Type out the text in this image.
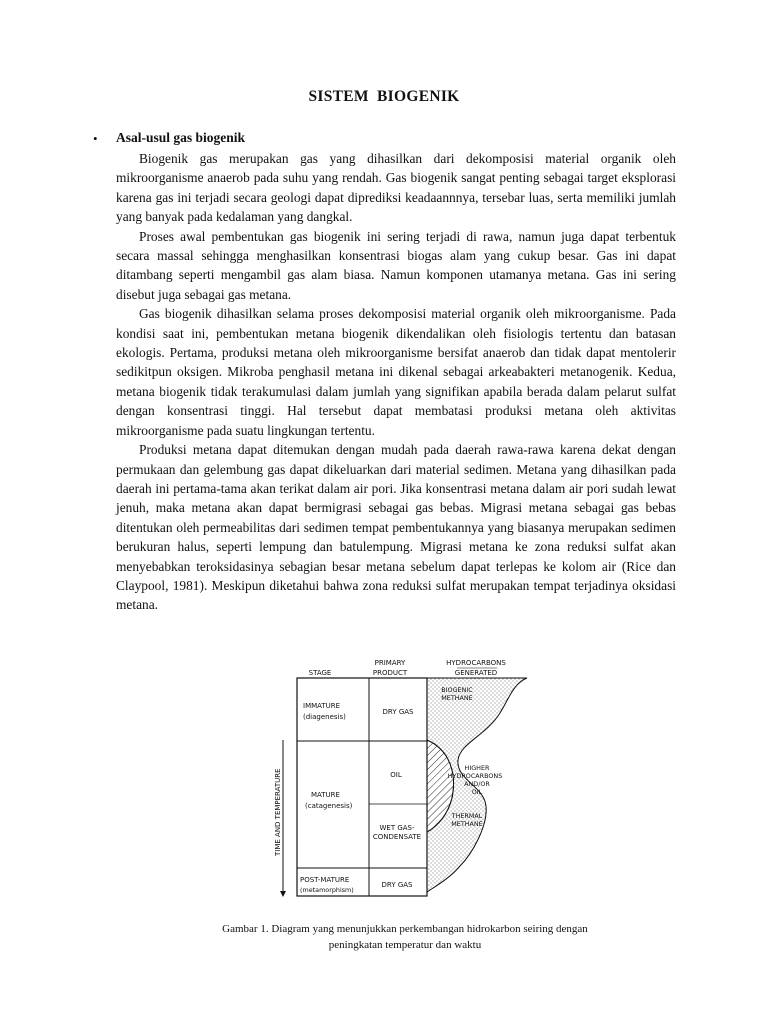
SISTEM BIOGENIK
• Asal-usul gas biogenik

Biogenik gas merupakan gas yang dihasilkan dari dekomposisi material organik oleh mikroorganisme anaerob pada suhu yang rendah. Gas biogenik sangat penting sebagai target eksplorasi karena gas ini terjadi secara geologi dapat diprediksi keadaannnya, tersebar luas, serta memiliki jumlah yang banyak pada kedalaman yang dangkal.

Proses awal pembentukan gas biogenik ini sering terjadi di rawa, namun juga dapat terbentuk secara massal sehingga menghasilkan konsentrasi biogas alam yang cukup besar. Gas ini dapat ditambang seperti mengambil gas alam biasa. Namun komponen utamanya metana. Gas ini sering disebut juga sebagai gas metana.

Gas biogenik dihasilkan selama proses dekomposisi material organik oleh mikroorganisme. Pada kondisi saat ini, pembentukan metana biogenik dikendalikan oleh fisiologis tertentu dan batasan ekologis. Pertama, produksi metana oleh mikroorganisme bersifat anaerob dan tidak dapat mentolerir sedikitpun oksigen. Mikroba penghasil metana ini dikenal sebagai arkeabakteri metanogenik. Kedua, metana biogenik tidak terakumulasi dalam jumlah yang signifikan apabila berada dalam pelarut sulfat dengan konsentrasi tinggi. Hal tersebut dapat membatasi produksi metana oleh aktivitas mikroorganisme pada suatu lingkungan tertentu.

Produksi metana dapat ditemukan dengan mudah pada daerah rawa-rawa karena dekat dengan permukaan dan gelembung gas dapat dikeluarkan dari material sedimen. Metana yang dihasilkan pada daerah ini pertama-tama akan terikat dalam air pori. Jika konsentrasi metana dalam air pori sudah lewat jenuh, maka metana akan dapat bermigrasi sebagai gas bebas. Migrasi metana sebagai gas bebas ditentukan oleh permeabilitas dari sedimen tempat pembentukannya yang biasanya merupakan sedimen berukuran halus, seperti lempung dan batulempung. Migrasi metana ke zona reduksi sulfat akan menyebabkan teroksidasinya sebagian besar metana sebelum dapat terlepas ke kolom air (Rice dan Claypool, 1981). Meskipun diketahui bahwa zona reduksi sulfat merupakan tempat terjadinya oksidasi metana.

STAGE
PRIMARY
PRODUCT
HYDROCARBONS
GENERATED
IMMATURE
(diagenesis)
MATURE
(catagenesis)
POST-MATURE
(metamorphism)
DRY GAS
OIL
WET GAS-
CONDENSATE
DRY GAS
BIOGENIC
METHANE
HIGHER
HYDROCARBONS
AND/OR
OIL
THERMAL
METHANE
TIME AND TEMPERATURE
Gambar 1. Diagram yang menunjukkan perkembangan hidrokarbon seiring dengan
peningkatan temperatur dan waktu
